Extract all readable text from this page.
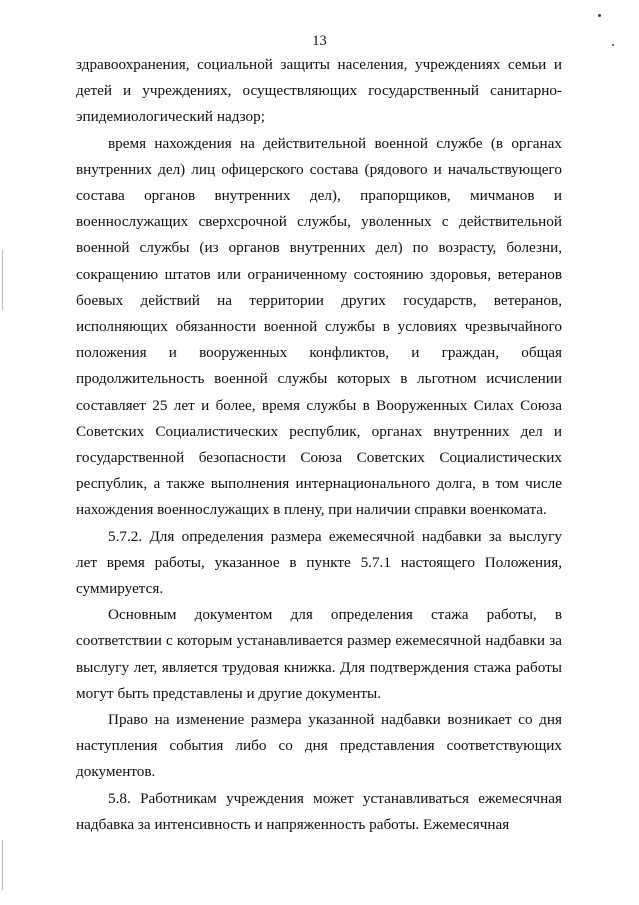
13

здравоохранения, социальной защиты населения, учреждениях семьи и детей и учреждениях, осуществляющих государственный санитарно-эпидемиологический надзор;

время нахождения на действительной военной службе (в органах внутренних дел) лиц офицерского состава (рядового и начальствующего состава органов внутренних дел), прапорщиков, мичманов и военнослужащих сверхсрочной службы, уволенных с действительной военной службы (из органов внутренних дел) по возрасту, болезни, сокращению штатов или ограниченному состоянию здоровья, ветеранов боевых действий на территории других государств, ветеранов, исполняющих обязанности военной службы в условиях чрезвычайного положения и вооруженных конфликтов, и граждан, общая продолжительность военной службы которых в льготном исчислении составляет 25 лет и более, время службы в Вооруженных Силах Союза Советских Социалистических республик, органах внутренних дел и государственной безопасности Союза Советских Социалистических республик, а также выполнения интернационального долга, в том числе нахождения военнослужащих в плену, при наличии справки военкомата.

5.7.2. Для определения размера ежемесячной надбавки за выслугу лет время работы, указанное в пункте 5.7.1 настоящего Положения, суммируется.

Основным документом для определения стажа работы, в соответствии с которым устанавливается размер ежемесячной надбавки за выслугу лет, является трудовая книжка. Для подтверждения стажа работы могут быть представлены и другие документы.

Право на изменение размера указанной надбавки возникает со дня наступления события либо со дня представления соответствующих документов.

5.8. Работникам учреждения может устанавливаться ежемесячная надбавка за интенсивность и напряженность работы. Ежемесячная
